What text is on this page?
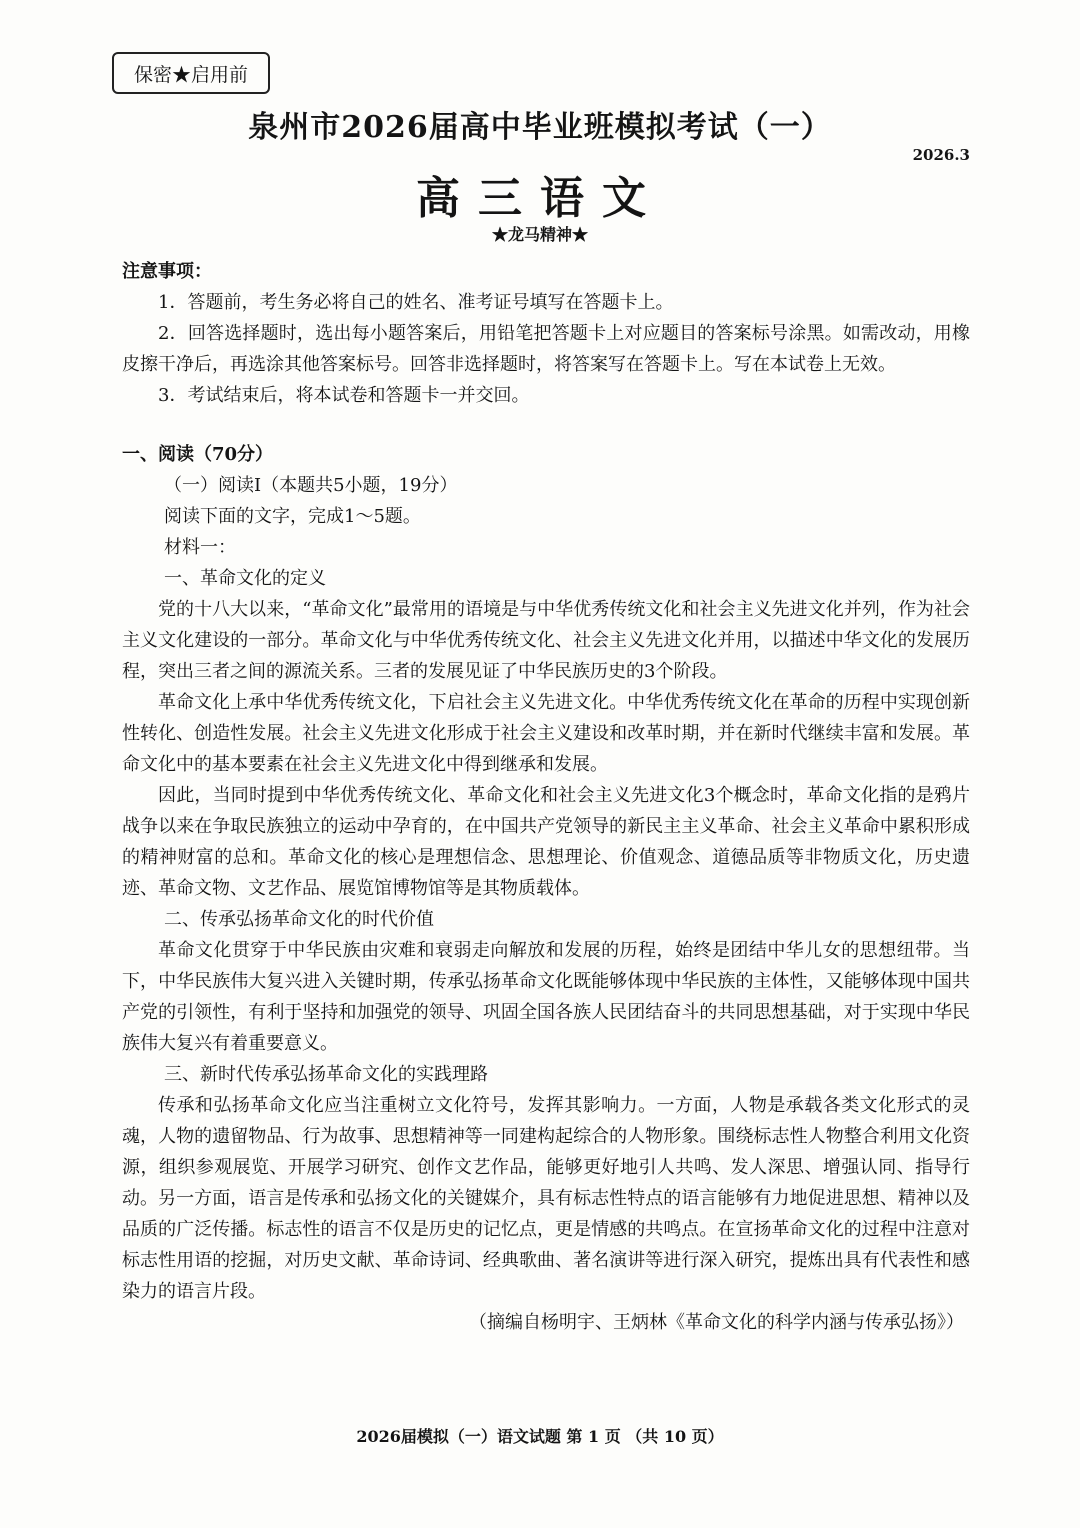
保密★启用前
泉州市2026届高中毕业班模拟考试（一）
2026.3
高三语文
★龙马精神★

注意事项：

1．答题前，考生务必将自己的姓名、准考证号填写在答题卡上。

2．回答选择题时，选出每小题答案后，用铅笔把答题卡上对应题目的答案标号涂黑。如需改动，用橡皮擦干净后，再选涂其他答案标号。回答非选择题时，将答案写在答题卡上。写在本试卷上无效。

3．考试结束后，将本试卷和答题卡一并交回。

一、阅读（70分）

（一）阅读Ⅰ（本题共5小题，19分）

阅读下面的文字，完成1～5题。

材料一：

一、革命文化的定义

党的十八大以来，“革命文化”最常用的语境是与中华优秀传统文化和社会主义先进文化并列，作为社会主义文化建设的一部分。革命文化与中华优秀传统文化、社会主义先进文化并用，以描述中华文化的发展历程，突出三者之间的源流关系。三者的发展见证了中华民族历史的3个阶段。

革命文化上承中华优秀传统文化，下启社会主义先进文化。中华优秀传统文化在革命的历程中实现创新性转化、创造性发展。社会主义先进文化形成于社会主义建设和改革时期，并在新时代继续丰富和发展。革命文化中的基本要素在社会主义先进文化中得到继承和发展。

因此，当同时提到中华优秀传统文化、革命文化和社会主义先进文化3个概念时，革命文化指的是鸦片战争以来在争取民族独立的运动中孕育的，在中国共产党领导的新民主主义革命、社会主义革命中累积形成的精神财富的总和。革命文化的核心是理想信念、思想理论、价值观念、道德品质等非物质文化，历史遗迹、革命文物、文艺作品、展览馆博物馆等是其物质载体。

二、传承弘扬革命文化的时代价值

革命文化贯穿于中华民族由灾难和衰弱走向解放和发展的历程，始终是团结中华儿女的思想纽带。当下，中华民族伟大复兴进入关键时期，传承弘扬革命文化既能够体现中华民族的主体性，又能够体现中国共产党的引领性，有利于坚持和加强党的领导、巩固全国各族人民团结奋斗的共同思想基础，对于实现中华民族伟大复兴有着重要意义。

三、新时代传承弘扬革命文化的实践理路

传承和弘扬革命文化应当注重树立文化符号，发挥其影响力。一方面，人物是承载各类文化形式的灵魂，人物的遗留物品、行为故事、思想精神等一同建构起综合的人物形象。围绕标志性人物整合利用文化资源，组织参观展览、开展学习研究、创作文艺作品，能够更好地引人共鸣、发人深思、增强认同、指导行动。另一方面，语言是传承和弘扬文化的关键媒介，具有标志性特点的语言能够有力地促进思想、精神以及品质的广泛传播。标志性的语言不仅是历史的记忆点，更是情感的共鸣点。在宣扬革命文化的过程中注意对标志性用语的挖掘，对历史文献、革命诗词、经典歌曲、著名演讲等进行深入研究，提炼出具有代表性和感染力的语言片段。

（摘编自杨明宇、王炳林《革命文化的科学内涵与传承弘扬》）

2026届模拟（一）语文试题 第 1 页 （共 10 页）
